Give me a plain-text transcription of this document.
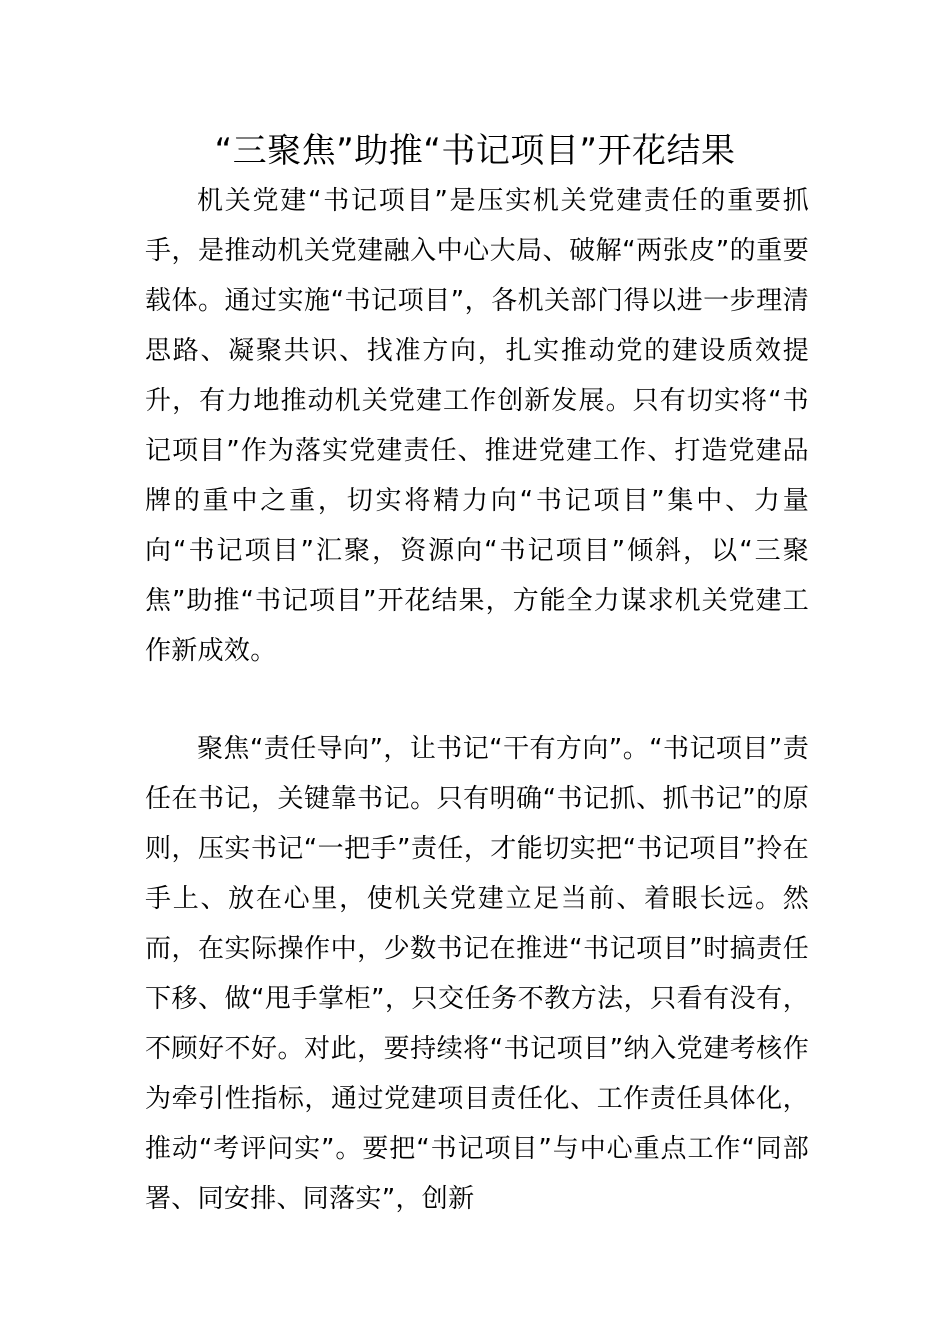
“三聚焦”助推“书记项目”开花结果

机关党建“书记项目”是压实机关党建责任的重要抓手，是推动机关党建融入中心大局、破解“两张皮”的重要载体。通过实施“书记项目”，各机关部门得以进一步理清思路、凝聚共识、找准方向，扎实推动党的建设质效提升，有力地推动机关党建工作创新发展。只有切实将“书记项目”作为落实党建责任、推进党建工作、打造党建品牌的重中之重，切实将精力向“书记项目”集中、力量向“书记项目”汇聚，资源向“书记项目”倾斜，以“三聚焦”助推“书记项目”开花结果，方能全力谋求机关党建工作新成效。

聚焦“责任导向”，让书记“干有方向”。“书记项目”责任在书记，关键靠书记。只有明确“书记抓、抓书记”的原则，压实书记“一把手”责任，才能切实把“书记项目”拎在手上、放在心里，使机关党建立足当前、着眼长远。然而，在实际操作中，少数书记在推进“书记项目”时搞责任下移、做“甩手掌柜”，只交任务不教方法，只看有没有，不顾好不好。对此，要持续将“书记项目”纳入党建考核作为牵引性指标，通过党建项目责任化、工作责任具体化，推动“考评问实”。要把“书记项目”与中心重点工作“同部署、同安排、同落实”，创新
